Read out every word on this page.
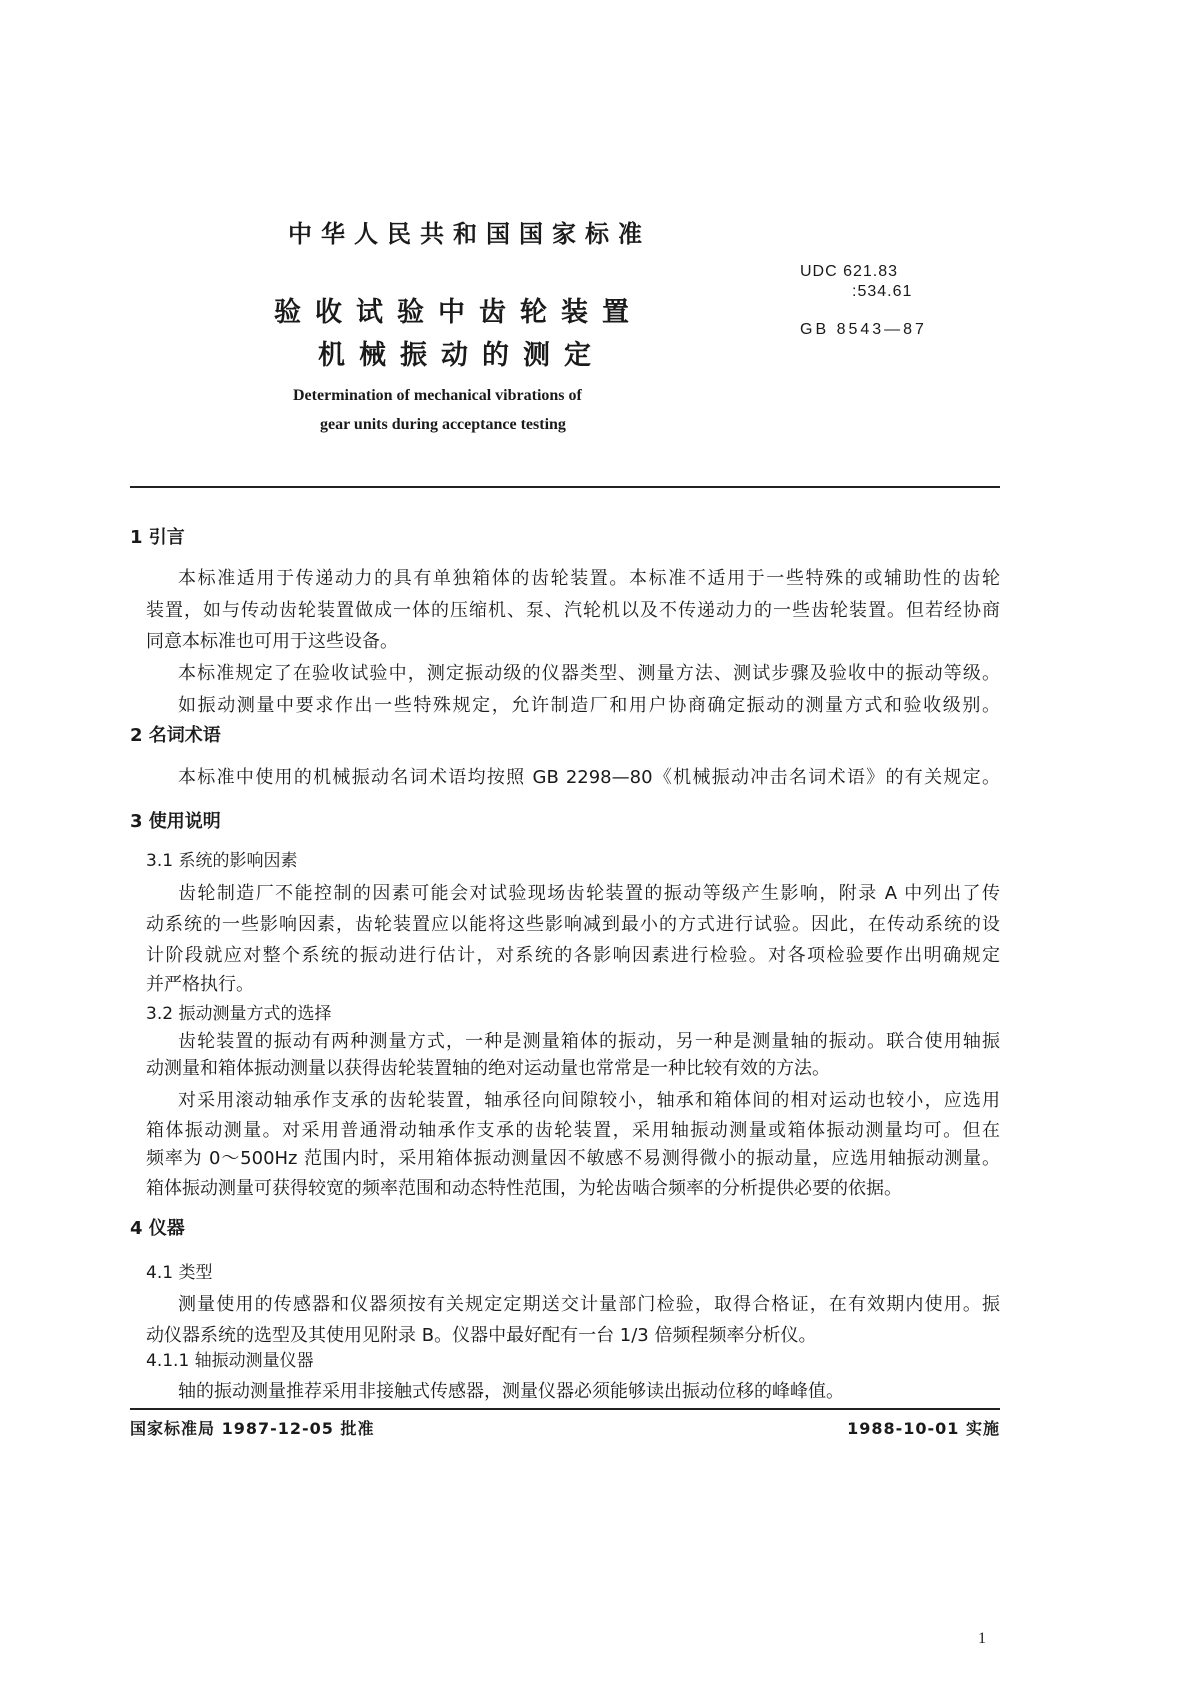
中华人民共和国国家标准
验收试验中齿轮装置
机械振动的测定
Determination of mechanical vibrations of
gear units during acceptance testing
UDC 621.83
:534.61
GB 8543—87
1 引言
本标准适用于传递动力的具有单独箱体的齿轮装置。本标准不适用于一些特殊的或辅助性的齿轮
装置，如与传动齿轮装置做成一体的压缩机、泵、汽轮机以及不传递动力的一些齿轮装置。但若经协商
同意本标准也可用于这些设备。
本标准规定了在验收试验中，测定振动级的仪器类型、测量方法、测试步骤及验收中的振动等级。
如振动测量中要求作出一些特殊规定，允许制造厂和用户协商确定振动的测量方式和验收级别。
2 名词术语
本标准中使用的机械振动名词术语均按照 GB 2298—80《机械振动冲击名词术语》的有关规定。
3 使用说明
3.1 系统的影响因素
齿轮制造厂不能控制的因素可能会对试验现场齿轮装置的振动等级产生影响，附录 A 中列出了传
动系统的一些影响因素，齿轮装置应以能将这些影响减到最小的方式进行试验。因此，在传动系统的设
计阶段就应对整个系统的振动进行估计，对系统的各影响因素进行检验。对各项检验要作出明确规定
并严格执行。
3.2 振动测量方式的选择
齿轮装置的振动有两种测量方式，一种是测量箱体的振动，另一种是测量轴的振动。联合使用轴振
动测量和箱体振动测量以获得齿轮装置轴的绝对运动量也常常是一种比较有效的方法。
对采用滚动轴承作支承的齿轮装置，轴承径向间隙较小，轴承和箱体间的相对运动也较小，应选用
箱体振动测量。对采用普通滑动轴承作支承的齿轮装置，采用轴振动测量或箱体振动测量均可。但在
频率为 0～500Hz 范围内时，采用箱体振动测量因不敏感不易测得微小的振动量，应选用轴振动测量。
箱体振动测量可获得较宽的频率范围和动态特性范围，为轮齿啮合频率的分析提供必要的依据。
4 仪器
4.1 类型
测量使用的传感器和仪器须按有关规定定期送交计量部门检验，取得合格证，在有效期内使用。振
动仪器系统的选型及其使用见附录 B。仪器中最好配有一台 1/3 倍频程频率分析仪。
4.1.1 轴振动测量仪器
轴的振动测量推荐采用非接触式传感器，测量仪器必须能够读出振动位移的峰峰值。
国家标准局 1987-12-05 批准	1988-10-01 实施
1
